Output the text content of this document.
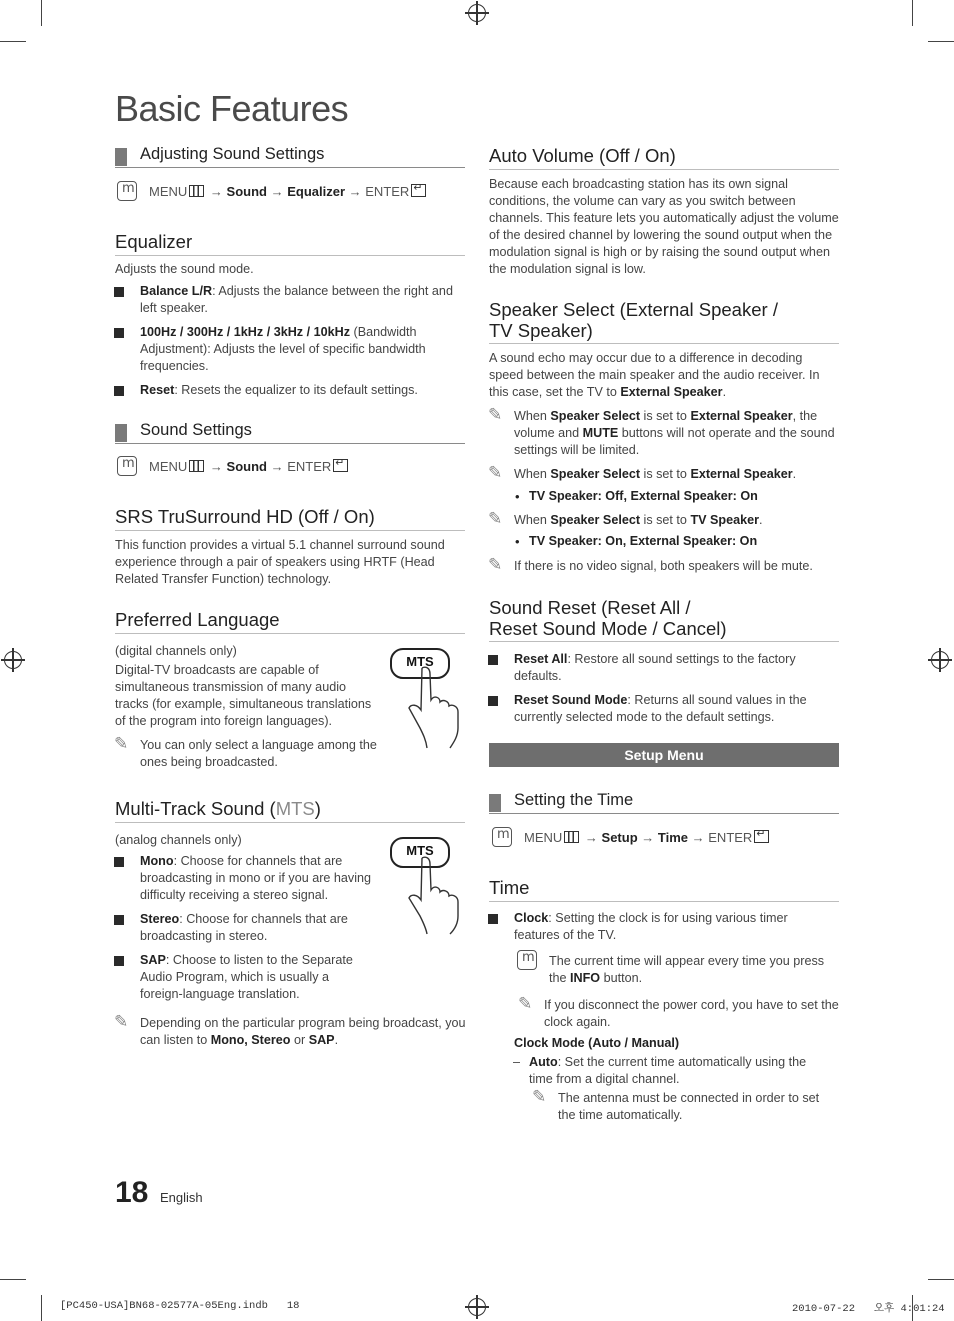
Basic Features
Adjusting Sound Settings
m
MENU → Sound → Equalizer → ENTER↵
Equalizer
Adjusts the sound mode.
Balance L/R: Adjusts the balance between the right and left speaker.
100Hz / 300Hz / 1kHz / 3kHz / 10kHz (Bandwidth Adjustment): Adjusts the level of specific bandwidth frequencies.
Reset: Resets the equalizer to its default settings.
Sound Settings
m
MENU → Sound → ENTER↵
SRS TruSurround HD (Off / On)
This function provides a virtual 5.1 channel surround sound experience through a pair of speakers using HRTF (Head Related Transfer Function) technology.
Preferred Language
(digital channels only)
Digital-TV broadcasts are capable of simultaneous transmission of many audio tracks (for example, simultaneous translations of the program into foreign languages).
✎ You can only select a language among the ones being broadcasted.
MTS
Multi-Track Sound (MTS)
(analog channels only)
MTS
Mono: Choose for channels that are broadcasting in mono or if you are having difficulty receiving a stereo signal.
Stereo: Choose for channels that are broadcasting in stereo.
SAP: Choose to listen to the Separate Audio Program, which is usually a foreign-language translation.
✎ Depending on the particular program being broadcast, you can listen to Mono, Stereo or SAP.
Auto Volume (Off / On)
Because each broadcasting station has its own signal conditions, the volume can vary as you switch between channels. This feature lets you automatically adjust the volume of the desired channel by lowering the sound output when the modulation signal is high or by raising the sound output when the modulation signal is low.
Speaker Select (External Speaker /
TV Speaker)
A sound echo may occur due to a difference in decoding speed between the main speaker and the audio receiver. In this case, set the TV to External Speaker.
✎ When Speaker Select is set to External Speaker, the volume and MUTE buttons will not operate and the sound settings will be limited.
✎ When Speaker Select is set to External Speaker.
• TV Speaker: Off, External Speaker: On
✎ When Speaker Select is set to TV Speaker.
• TV Speaker: On, External Speaker: On
✎ If there is no video signal, both speakers will be mute.
Sound Reset (Reset All /
Reset Sound Mode / Cancel)
Reset All: Restore all sound settings to the factory defaults.
Reset Sound Mode: Returns all sound values in the currently selected mode to the default settings.
Setup Menu
Setting the Time
m
MENU → Setup → Time → ENTER↵
Time
Clock: Setting the clock is for using various timer features of the TV.
m
The current time will appear every time you press the INFO button.
✎ If you disconnect the power cord, you have to set the clock again.
Clock Mode (Auto / Manual)
– Auto: Set the current time automatically using the time from a digital channel.
✎ The antenna must be connected in order to set the time automatically.
18 English
[PC450-USA]BN68-02577A-05Eng.indb   18	2010-07-22   오후 4:01:24
